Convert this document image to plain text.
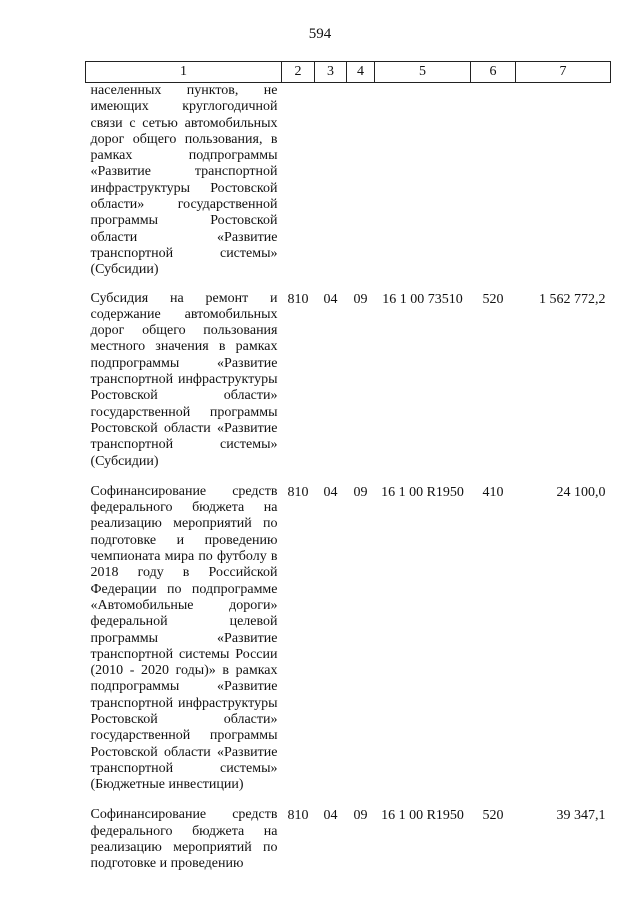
594
1	2	3	4	5	6	7
населенных пунктов, не имеющих круглогодичной связи с сетью автомобильных дорог общего пользования, в рамках подпрограммы «Развитие транспортной инфраструктуры Ростовской области» государственной программы Ростовской области «Развитие транспортной системы» (Субсидии)						
Субсидия на ремонт и содержание автомобильных дорог общего пользования местного значения в рамках подпрограммы «Развитие транспортной инфраструктуры Ростовской области» государственной программы Ростовской области «Развитие транспортной системы» (Субсидии)	810	04	09	16 1 00 73510	520	1 562 772,2
Софинансирование средств федерального бюджета на реализацию мероприятий по подготовке и проведению чемпионата мира по футболу в 2018 году в Российской Федерации по подпрограмме «Автомобильные дороги» федеральной целевой программы «Развитие транспортной системы России (2010 - 2020 годы)» в рамках подпрограммы «Развитие транспортной инфраструктуры Ростовской области» государственной программы Ростовской области «Развитие транспортной системы» (Бюджетные инвестиции)	810	04	09	16 1 00 R1950	410	24 100,0
Софинансирование средств федерального бюджета на реализацию мероприятий по подготовке и проведению	810	04	09	16 1 00 R1950	520	39 347,1
